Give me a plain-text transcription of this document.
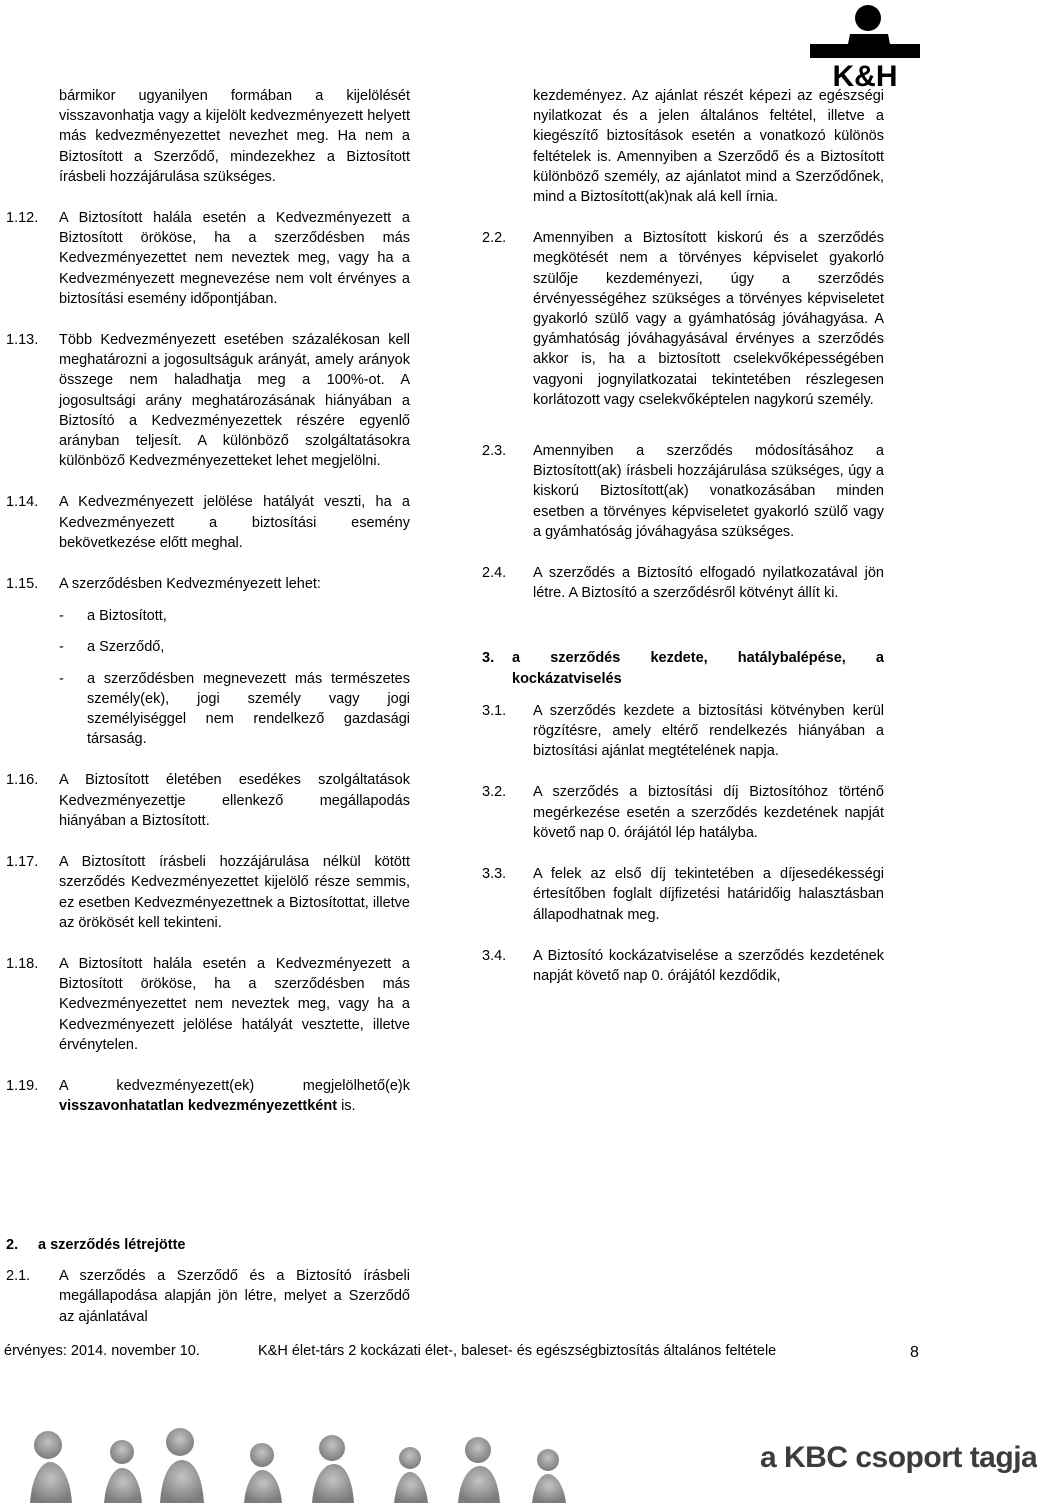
K&H
bármikor ugyanilyen formában a kijelölését visszavonhatja vagy a kijelölt kedvezményezett helyett más kedvezményezettet nevezhet meg. Ha nem a Biztosított a Szerződő, mindezekhez a Biztosított írásbeli hozzájárulása szükséges.
1.12. A Biztosított halála esetén a Kedvezményezett a Biztosított örököse, ha a szerződésben más Kedvezményezettet nem neveztek meg, vagy ha a Kedvezményezett megnevezése nem volt érvényes a biztosítási esemény időpontjában.
1.13. Több Kedvezményezett esetében százalékosan kell meghatározni a jogosultságuk arányát, amely arányok összege nem haladhatja meg a 100%-ot. A jogosultsági arány meghatározásának hiányában a Biztosító a Kedvezményezettek részére egyenlő arányban teljesít. A különböző szolgáltatásokra különböző Kedvezményezetteket lehet megjelölni.
1.14. A Kedvezményezett jelölése hatályát veszti, ha a Kedvezményezett a biztosítási esemény bekövetkezése előtt meghal.
1.15. A szerződésben Kedvezményezett lehet:
- a Biztosított,
- a Szerződő,
- a szerződésben megnevezett más természetes személy(ek), jogi személy vagy jogi személyiséggel nem rendelkező gazdasági társaság.
1.16. A Biztosított életében esedékes szolgáltatások Kedvezményezettje ellenkező megállapodás hiányában a Biztosított.
1.17. A Biztosított írásbeli hozzájárulása nélkül kötött szerződés Kedvezményezettet kijelölő része semmis, ez esetben Kedvezményezettnek a Biztosítottat, illetve az örökösét kell tekinteni.
1.18. A Biztosított halála esetén a Kedvezményezett a Biztosított örököse, ha a szerződésben más Kedvezményezettet nem neveztek meg, vagy ha a Kedvezményezett jelölése hatályát vesztette, illetve érvénytelen.
1.19. A kedvezményezett(ek) megjelölhető(e)k visszavonhatatlan kedvezményezettként is.
2. a szerződés létrejötte
2.1. A szerződés a Szerződő és a Biztosító írásbeli megállapodása alapján jön létre, melyet a Szerződő az ajánlatával
kezdeményez. Az ajánlat részét képezi az egészségi nyilatkozat és a jelen általános feltétel, illetve a kiegészítő biztosítások esetén a vonatkozó különös feltételek is. Amennyiben a Szerződő és a Biztosított különböző személy, az ajánlatot mind a Szerződőnek, mind a Biztosított(ak)nak alá kell írnia.
2.2. Amennyiben a Biztosított kiskorú és a szerződés megkötését nem a törvényes képviselet gyakorló szülője kezdeményezi, úgy a szerződés érvényességéhez szükséges a törvényes képviseletet gyakorló szülő vagy a gyámhatóság jóváhagyása. A gyámhatóság jóváhagyásával érvényes a szerződés akkor is, ha a biztosított cselekvőképességében vagyoni jognyilatkozatai tekintetében részlegesen korlátozott vagy cselekvőképtelen nagykorú személy.
2.3. Amennyiben a szerződés módosításához a Biztosított(ak) írásbeli hozzájárulása szükséges, úgy a kiskorú Biztosított(ak) vonatkozásában minden esetben a törvényes képviseletet gyakorló szülő vagy a gyámhatóság jóváhagyása szükséges.
2.4. A szerződés a Biztosító elfogadó nyilatkozatával jön létre. A Biztosító a szerződésről kötvényt állít ki.
3. a szerződés kezdete, hatálybalépése, a kockázatviselés
3.1. A szerződés kezdete a biztosítási kötvényben kerül rögzítésre, amely eltérő rendelkezés hiányában a biztosítási ajánlat megtételének napja.
3.2. A szerződés a biztosítási díj Biztosítóhoz történő megérkezése esetén a szerződés kezdetének napját követő nap 0. órájától lép hatályba.
3.3. A felek az első díj tekintetében a díjesedékességi értesítőben foglalt díjfizetési határidőig halasztásban állapodhatnak meg.
3.4. A Biztosító kockázatviselése a szerződés kezdetének napját követő nap 0. órájától kezdődik,
érvényes: 2014. november 10.	K&H élet-társ 2 kockázati élet-, baleset- és egészségbiztosítás általános feltétele	8
a KBC csoport tagja
